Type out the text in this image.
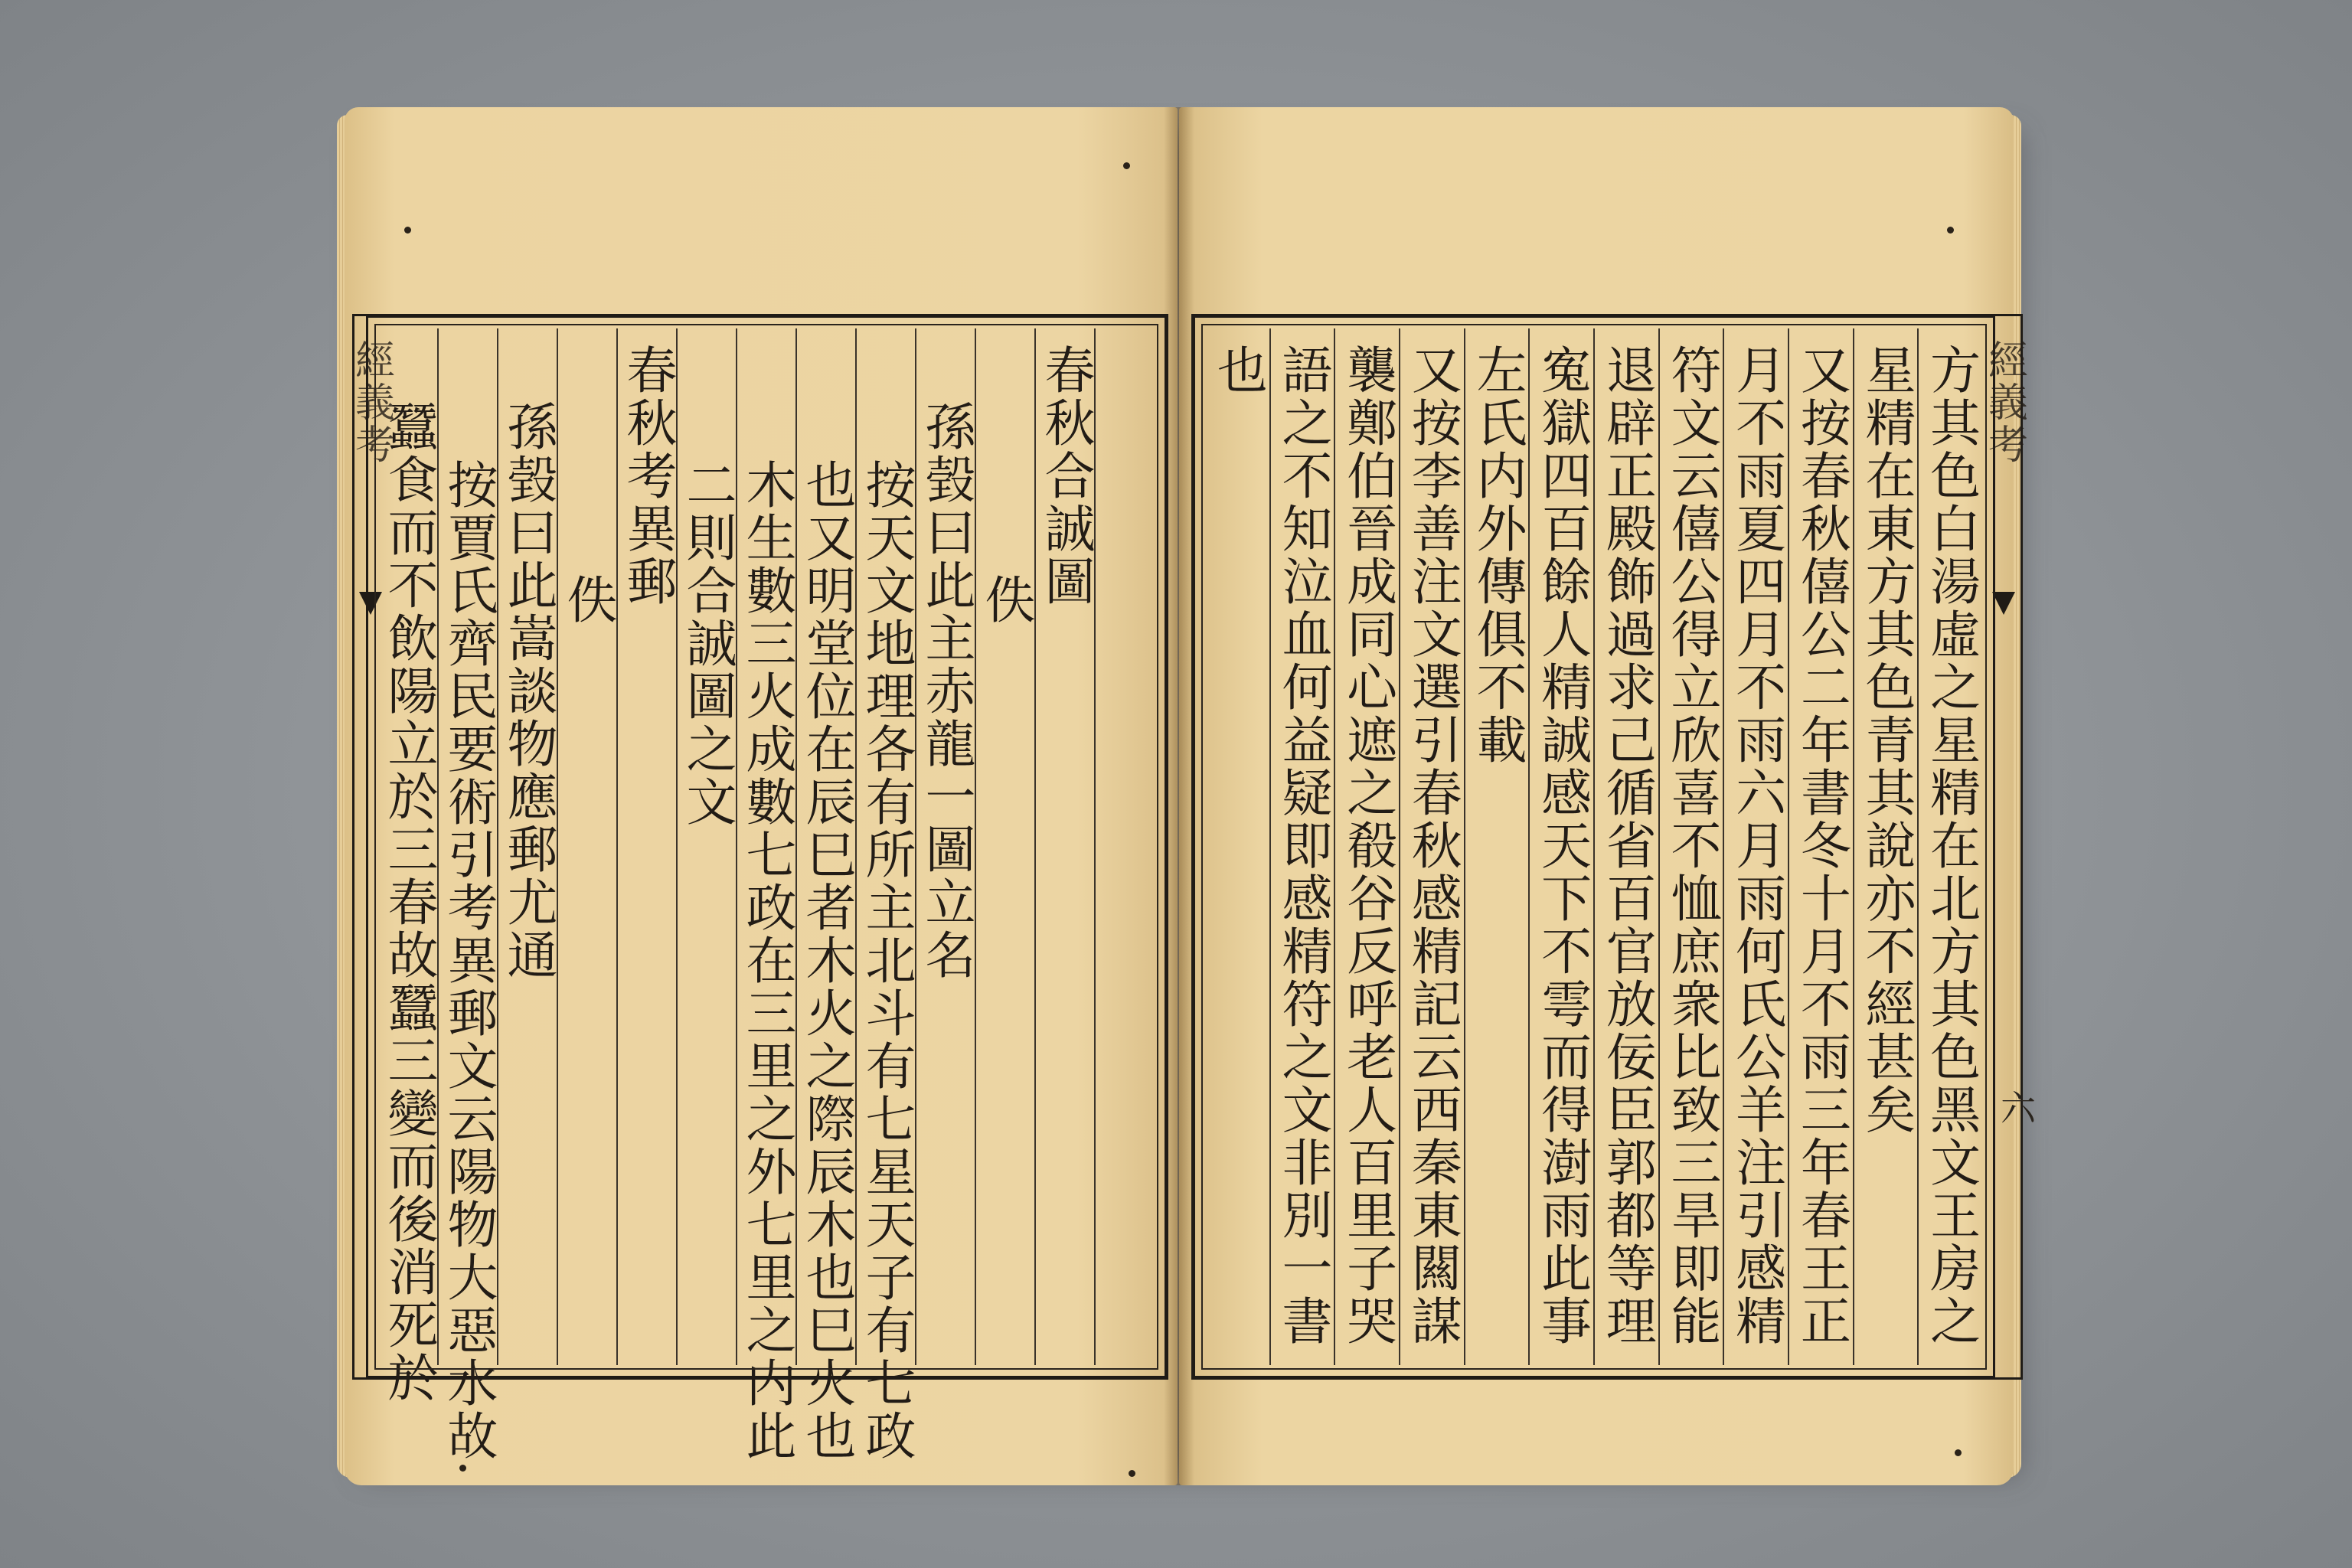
經義考	春秋合誠圖
佚
孫㲄曰此主赤龍一圖立名
按天文地理各有所主北斗有七星天子有七政
也又明堂位在辰巳者木火之際辰木也巳火也
木生數三火成數七政在三里之外七里之内此
二則合誠圖之文
春秋考異郵
佚
孫㲄曰此嵩談物應郵尤通
按賈氏齊民要術引考異郵文云陽物大惡水故
蠶食而不飲陽立於三春故蠶三變而後消死於	方其色白湯虛之星精在北方其色黑文王房之
星精在東方其色青其說亦不經甚矣
又按春秋僖公二年書冬十月不雨三年春王正
月不雨夏四月不雨六月雨何氏公羊注引感精
符文云僖公得立欣喜不恤庶衆比致三旱即能
退辟正殿飾過求己循省百官放佞臣郭都等理
寃獄四百餘人精誠感天下不雩而得澍雨此事
左氏内外傳俱不載
又按李善注文選引春秋感精記云西秦東闗謀
襲鄭伯晉成同心遮之殽谷反呼老人百里子哭
語之不知泣血何益疑即感精符之文非別一書
也	經義考
六
